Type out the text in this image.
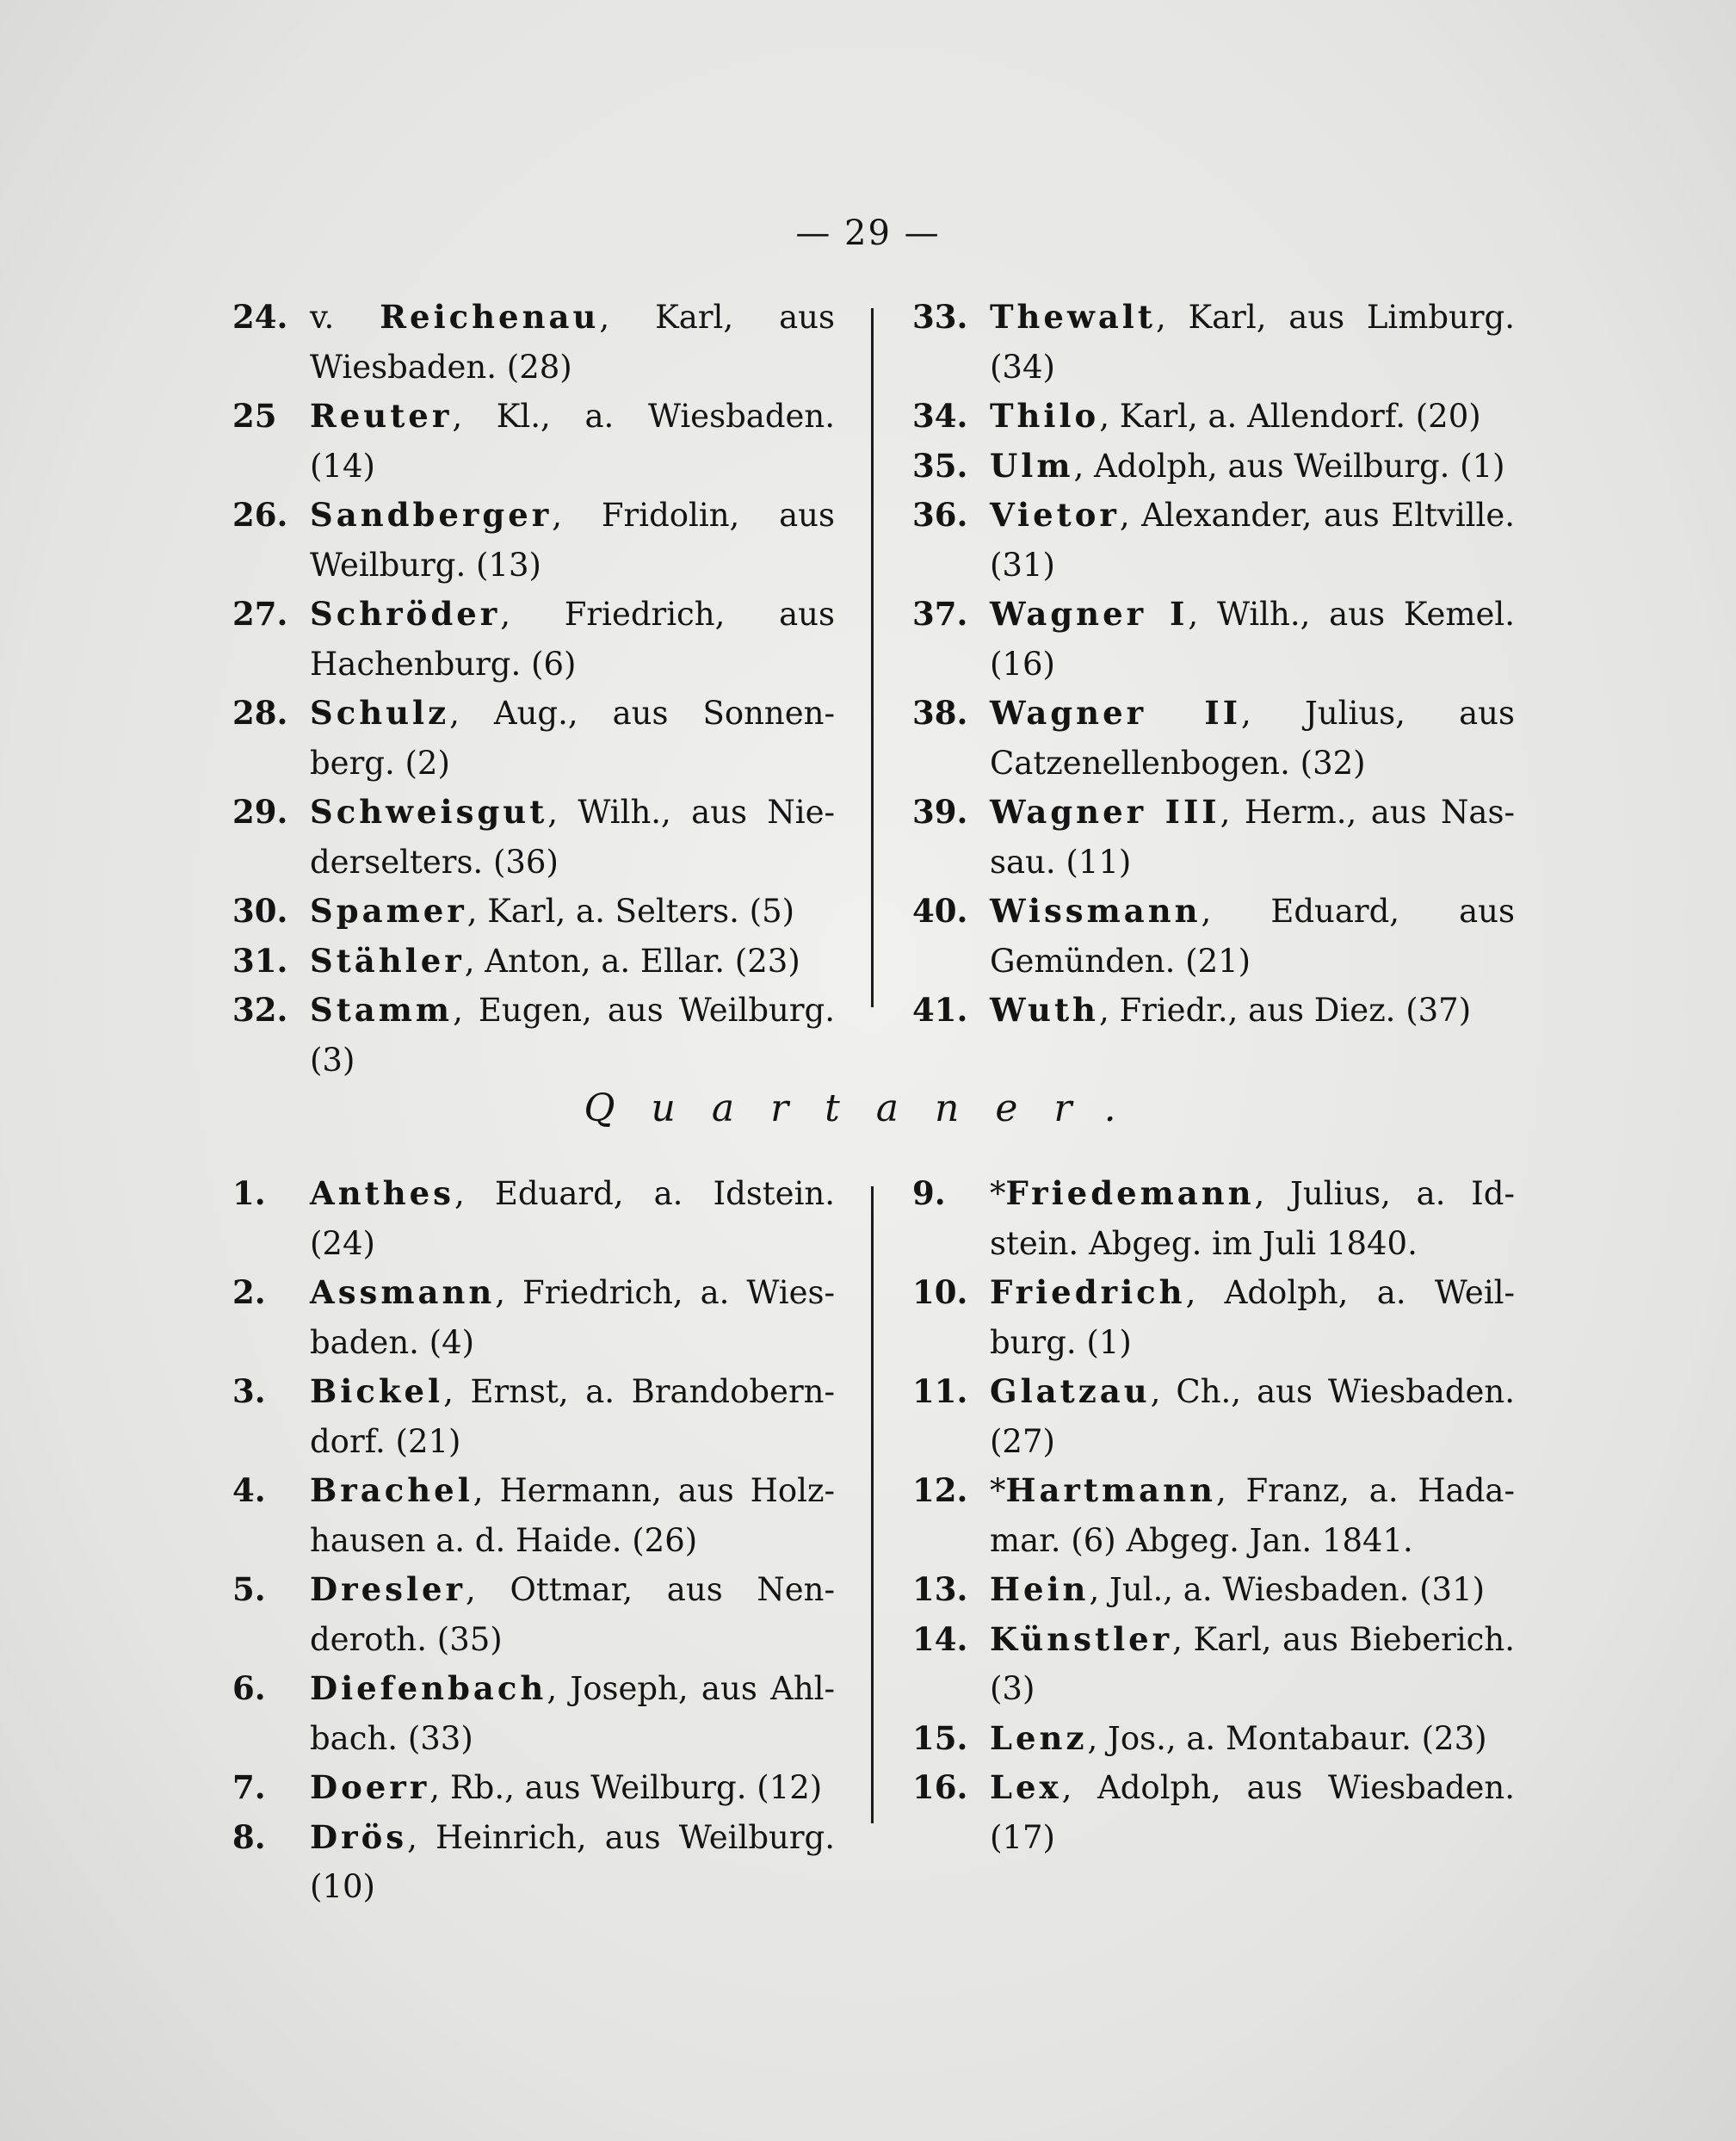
— 29 —
24. v. Reichenau, Karl, aus Wiesbaden. (28)
25	Reuter, Kl., a. Wiesbaden. (14)
26. Sandberger, Fridolin, aus Weilburg. (13)
27. Schröder, Friedrich, aus Hachenburg. (6)
28. Schulz, Aug., aus Sonnenberg. (2)
29. Schweisgut, Wilh., aus Niederselters. (36)
30. Spamer, Karl, a. Selters. (5)
31. Stähler, Anton, a. Ellar. (23)
32. Stamm, Eugen, aus Weilburg. (3)
33. Thewalt, Karl, aus Limburg. (34)
34. Thilo, Karl, a. Allendorf. (20)
35. Ulm, Adolph, aus Weilburg. (1)
36. Vietor, Alexander, aus Eltville. (31)
37. Wagner I, Wilh., aus Kemel. (16)
38. Wagner II, Julius, aus Catzenellenbogen. (32)
39. Wagner III, Herm., aus Nassau. (11)
40. Wissmann, Eduard, aus Gemünden. (21)
41. Wuth, Friedr., aus Diez. (37)
Quartaner.
1.	Anthes, Eduard, a. Idstein. (24)
2.	Assmann, Friedrich, a. Wiesbaden. (4)
3.	Bickel, Ernst, a. Brandoberndorf. (21)
4.	Brachel, Hermann, aus Holzhausen a. d. Haide. (26)
5.	Dresler, Ottmar, aus Nenderoth. (35)
6.	Diefenbach, Joseph, aus Ahlbach. (33)
7.	Doerr, Rb., aus Weilburg. (12)
8.	Drös, Heinrich, aus Weilburg. (10)
9.	*Friedemann, Julius, a. Idstein. Abgeg. im Juli 1840.
10. Friedrich, Adolph, a. Weilburg. (1)
11. Glatzau, Ch., aus Wiesbaden. (27)
12. *Hartmann, Franz, a. Hadamar. (6) Abgeg. Jan. 1841.
13. Hein, Jul., a. Wiesbaden. (31)
14. Künstler, Karl, aus Bieberich. (3)
15. Lenz, Jos., a. Montabaur. (23)
16. Lex, Adolph, aus Wiesbaden. (17)
